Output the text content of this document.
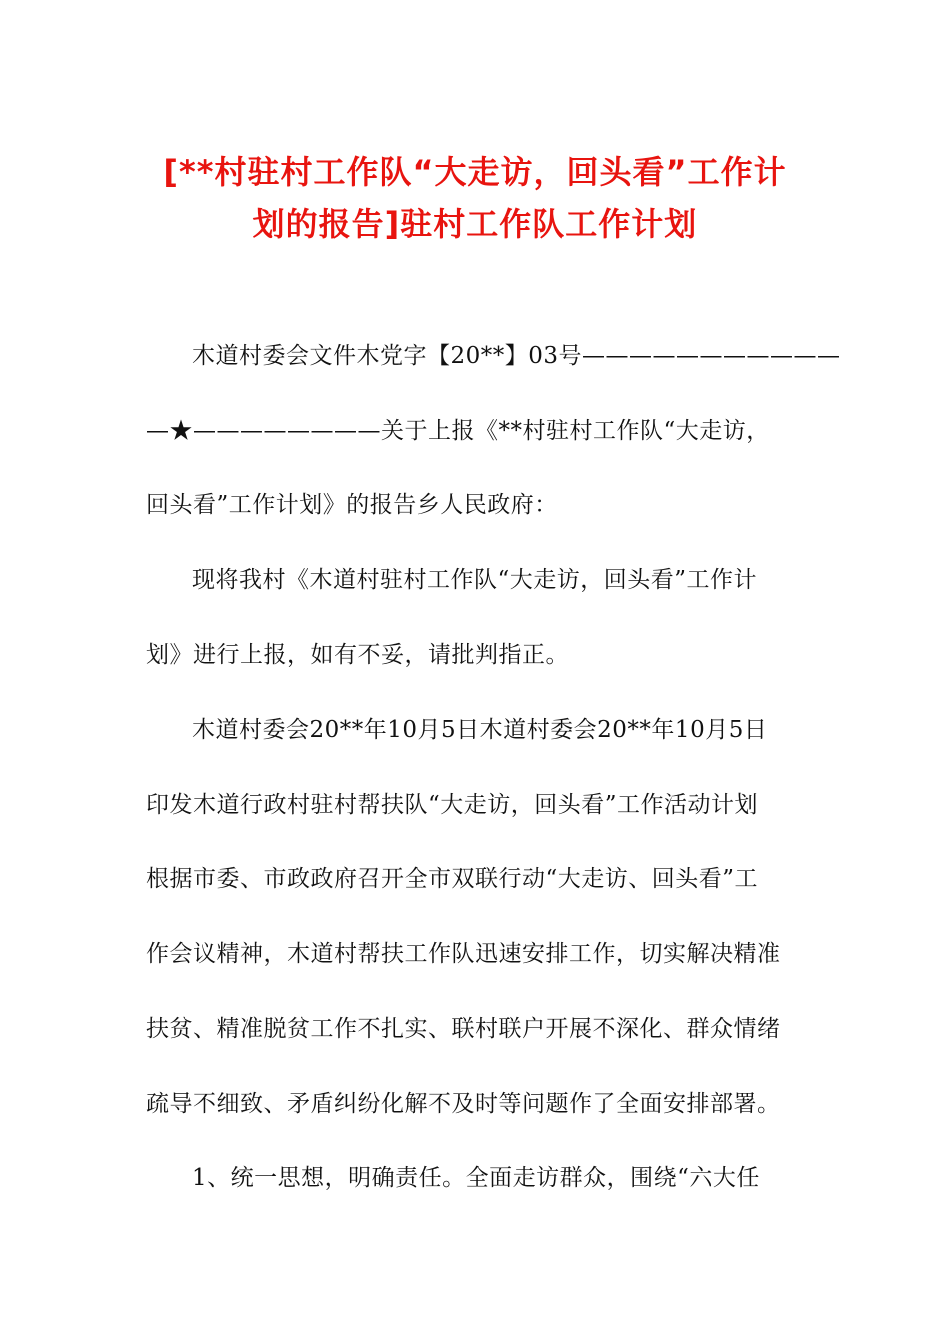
[**村驻村工作队“大走访，回头看”工作计
划的报告]驻村工作队工作计划
木道村委会文件木党字【20**】03号———————————
—★————————关于上报《**村驻村工作队“大走访，
回头看”工作计划》的报告乡人民政府：
现将我村《木道村驻村工作队“大走访，回头看”工作计
划》进行上报，如有不妥，请批判指正。
木道村委会20**年10月5日木道村委会20**年10月5日
印发木道行政村驻村帮扶队“大走访，回头看”工作活动计划
根据市委、市政政府召开全市双联行动“大走访、回头看”工
作会议精神，木道村帮扶工作队迅速安排工作，切实解决精准
扶贫、精准脱贫工作不扎实、联村联户开展不深化、群众情绪
疏导不细致、矛盾纠纷化解不及时等问题作了全面安排部署。
1、统一思想，明确责任。全面走访群众，围绕“六大任
